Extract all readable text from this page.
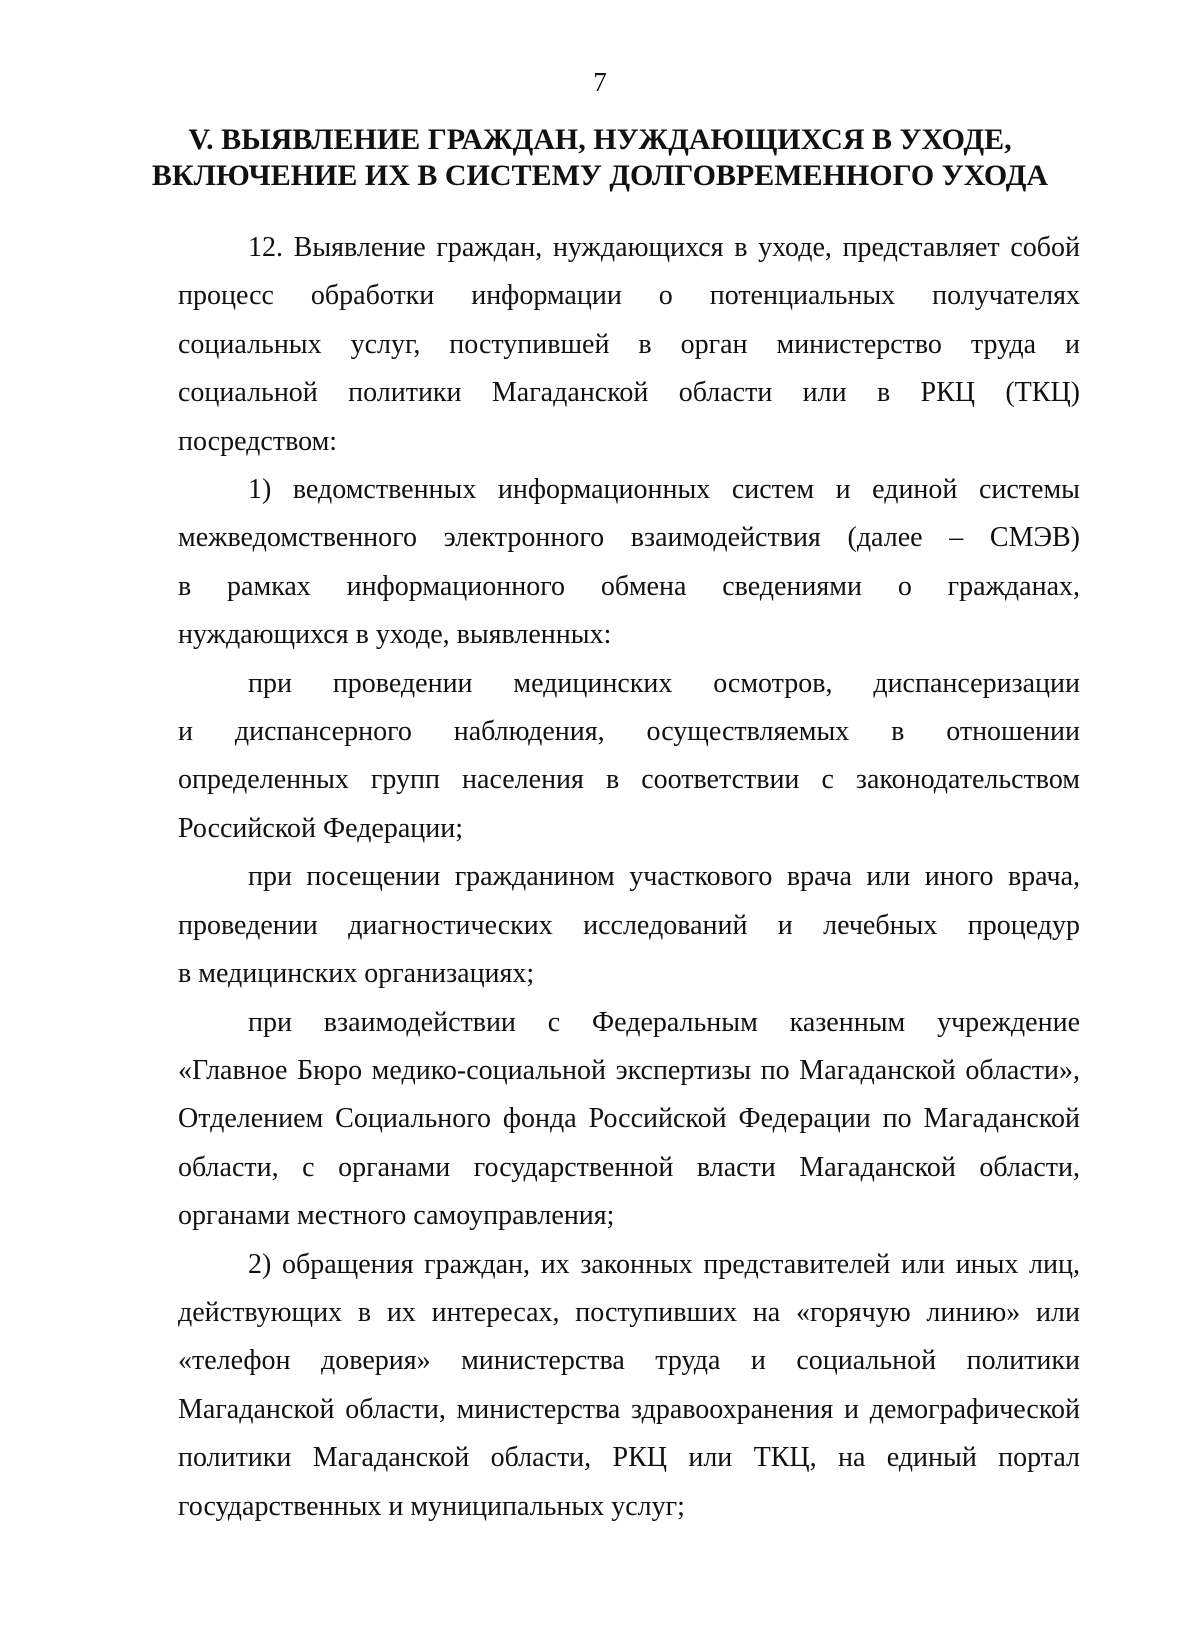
7
V. ВЫЯВЛЕНИЕ ГРАЖДАН, НУЖДАЮЩИХСЯ В УХОДЕ,
ВКЛЮЧЕНИЕ ИХ В СИСТЕМУ ДОЛГОВРЕМЕННОГО УХОДА
12. Выявление граждан, нуждающихся в уходе, представляет собой
процесс обработки информации о потенциальных получателях
социальных услуг, поступившей в орган министерство труда и
социальной политики Магаданской области или в РКЦ (ТКЦ)
посредством:
1) ведомственных информационных систем и единой системы
межведомственного электронного взаимодействия (далее – СМЭВ)
в рамках информационного обмена сведениями о гражданах,
нуждающихся в уходе, выявленных:
при проведении медицинских осмотров, диспансеризации
и диспансерного наблюдения, осуществляемых в отношении
определенных групп населения в соответствии с законодательством
Российской Федерации;
при посещении гражданином участкового врача или иного врача,
проведении диагностических исследований и лечебных процедур
в медицинских организациях;
при взаимодействии с Федеральным казенным учреждение
«Главное Бюро медико-социальной экспертизы по Магаданской области»,
Отделением Социального фонда Российской Федерации по Магаданской
области, с органами государственной власти Магаданской области,
органами местного самоуправления;
2) обращения граждан, их законных представителей или иных лиц,
действующих в их интересах, поступивших на «горячую линию» или
«телефон доверия» министерства труда и социальной политики
Магаданской области, министерства здравоохранения и демографической
политики Магаданской области, РКЦ или ТКЦ, на единый портал
государственных и муниципальных услуг;
